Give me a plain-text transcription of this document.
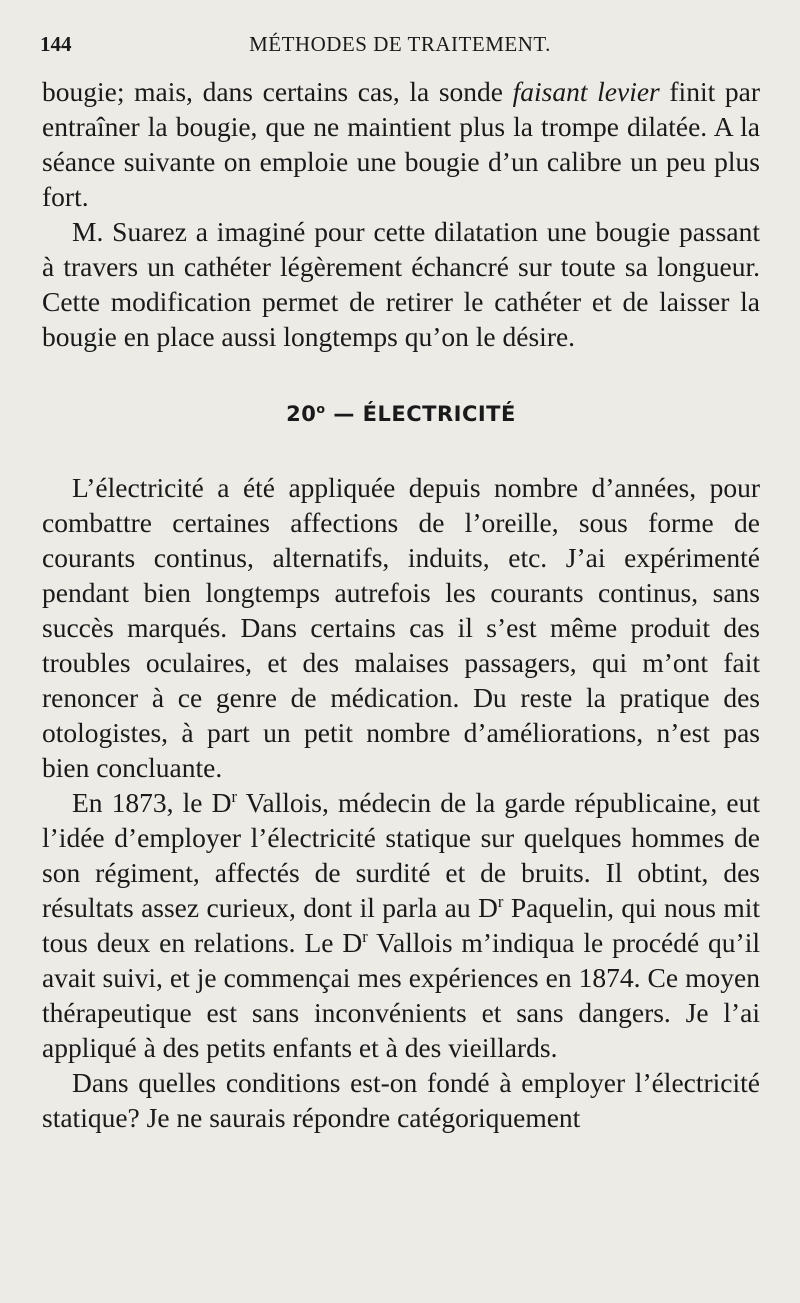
144	MÉTHODES DE TRAITEMENT.

bougie; mais, dans certains cas, la sonde faisant levier finit par entraîner la bougie, que ne maintient plus la trompe dilatée. A la séance suivante on emploie une bougie d’un calibre un peu plus fort.

M. Suarez a imaginé pour cette dilatation une bougie passant à travers un cathéter légèrement échancré sur toute sa longueur. Cette modification permet de retirer le cathéter et de laisser la bougie en place aussi longtemps qu’on le désire.

20$^o$ — ÉLECTRICITÉ

L’électricité a été appliquée depuis nombre d’années, pour combattre certaines affections de l’oreille, sous forme de courants continus, alternatifs, induits, etc. J’ai expérimenté pendant bien longtemps autrefois les courants continus, sans succès marqués. Dans certains cas il s’est même produit des troubles oculaires, et des malaises passagers, qui m’ont fait renoncer à ce genre de médication. Du reste la pratique des otologistes, à part un petit nombre d’améliorations, n’est pas bien concluante.

En 1873, le $D^r$ Vallois, médecin de la garde républicaine, eut l’idée d’employer l’électricité statique sur quelques hommes de son régiment, affectés de surdité et de bruits. Il obtint, des résultats assez curieux, dont il parla au $D^r$ Paquelin, qui nous mit tous deux en relations. Le $D^r$ Vallois m’indiqua le procédé qu’il avait suivi, et je commençai mes expériences en 1874. Ce moyen thérapeutique est sans inconvénients et sans dangers. Je l’ai appliqué à des petits enfants et à des vieillards.

Dans quelles conditions est-on fondé à employer l’électricité statique? Je ne saurais répondre catégoriquement
